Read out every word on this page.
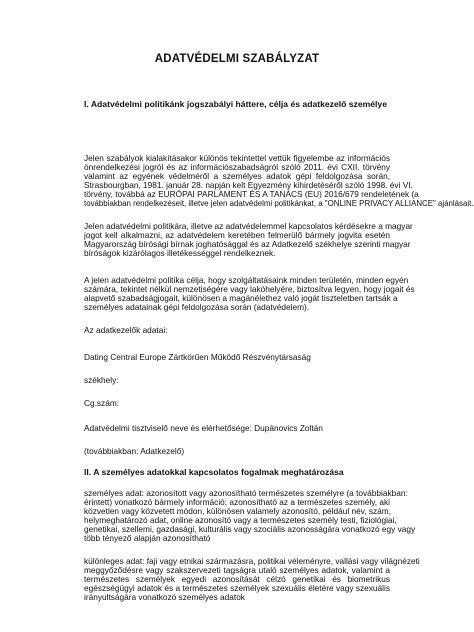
ADATVÉDELMI SZABÁLYZAT
I. Adatvédelmi politikánk jogszabályi háttere, célja és adatkezelő személye
Jelen szabályok kialakításakor különös tekintettel vettük figyelembe az információs
önrendelkezési jogról és az információszabadságról szóló 2011. évi CXII. törvény
valamint az egyének védelméről a személyes adatok gépi feldolgozása során,
Strasbourgban, 1981. január 28. napján kelt Egyezmény kihirdetéséről szóló 1998. évi VI.
törvény, továbbá az EURÓPAI PARLAMENT ÉS A TANÁCS (EU) 2016/679 rendeletének (a
továbbiakban rendelkezéseit, illetve jelen adatvédelmi politikánkat, a "ONLINE PRIVACY ALLIANCE" ajánlásait.
Jelen adatvédelmi politikára, illetve az adatvédelemmel kapcsolatos kérdésekre a magyar
jogot kell alkalmazni, az adatvédelem keretében felmerülő bármely jogvita esetén
Magyarország bírósági bírnak joghatósággal és az Adatkezelő székhelye szerinti magyar
bíróságok kizárólagos illetékességgel rendelkeznek.
A jelen adatvédelmi politika célja, hogy szolgáltatásaink minden területén, minden egyén
számára, tekintet nélkül nemzetiségére vagy lakóhelyére, biztosítva legyen, hogy jogait és
alapvető szabadságjogait, különösen a magánélethez való jogát tiszteletben tartsák a
személyes adatainak gépi feldolgozása során (adatvédelem).
Az adatkezelők adatai:
Dating Central Europe Zártkörűen Működő Részvénytársaság
székhely:
Cg.szám:
Adatvédelmi tisztviselő neve és elérhetősége: Dupánovics Zoltán
(továbbiakban: Adatkezelő)
II. A személyes adatokkal kapcsolatos fogalmak meghatározása
személyes adat: azonosított vagy azonosítható természetes személyre (a továbbiakban:
érintett) vonatkozó bármely információ; azonosítható az a természetes személy, aki
közvetlen vagy közvetett módon, különösen valamely azonosító, például név, szám,
helymeghatározó adat, online azonosító vagy a természetes személy testi, fiziológiai,
genetikai, szellemi, gazdasági, kulturális vagy szociális azonosságára vonatkozó egy vagy
több tényező alapján azonosítható
különleges adat: faji vagy etnikai származásra, politikai véleményre, vallási vagy világnézeti
meggyőződésre vagy szakszervezeti tagságra utaló személyes adatok, valamint a
természetes személyek egyedi azonosítását célzó genetikai és biometrikus
egészségügyi adatok és a természetes személyek szexuális életére vagy szexuális
irányultságára vonatkozó személyes adatok
